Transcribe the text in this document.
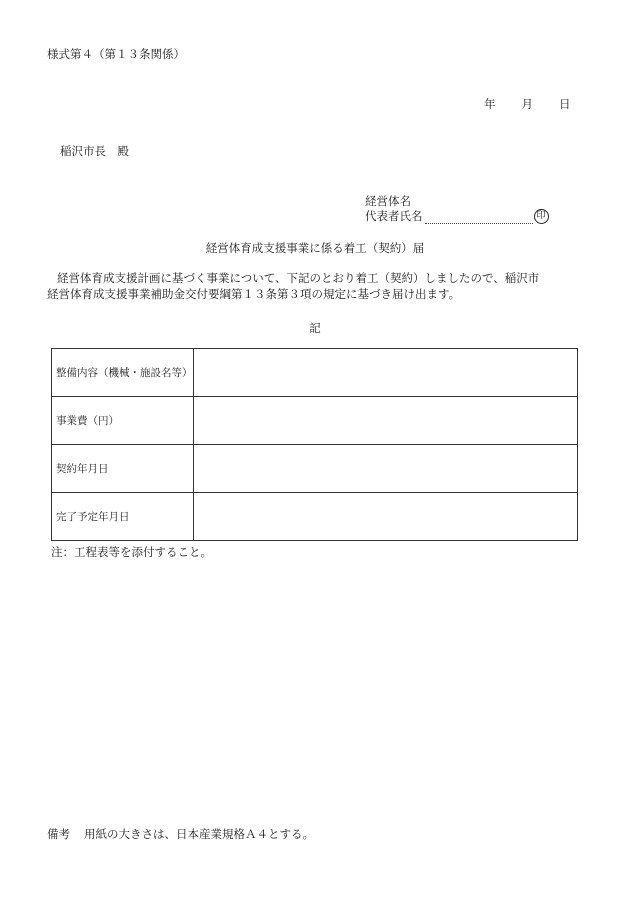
様式第４（第１３条関係）
年 月 日
稲沢市長　殿
経営体名
代表者氏名	印
経営体育成支援事業に係る着工（契約）届
経営体育成支援計画に基づく事業について、下記のとおり着工（契約）しましたので、稲沢市
経営体育成支援事業補助金交付要綱第１３条第３項の規定に基づき届け出ます。
記
整備内容（機械・施設名等）	
事業費（円）	
契約年月日	
完了予定年月日	
注：工程表等を添付すること。
備考 用紙の大きさは、日本産業規格Ａ４とする。
